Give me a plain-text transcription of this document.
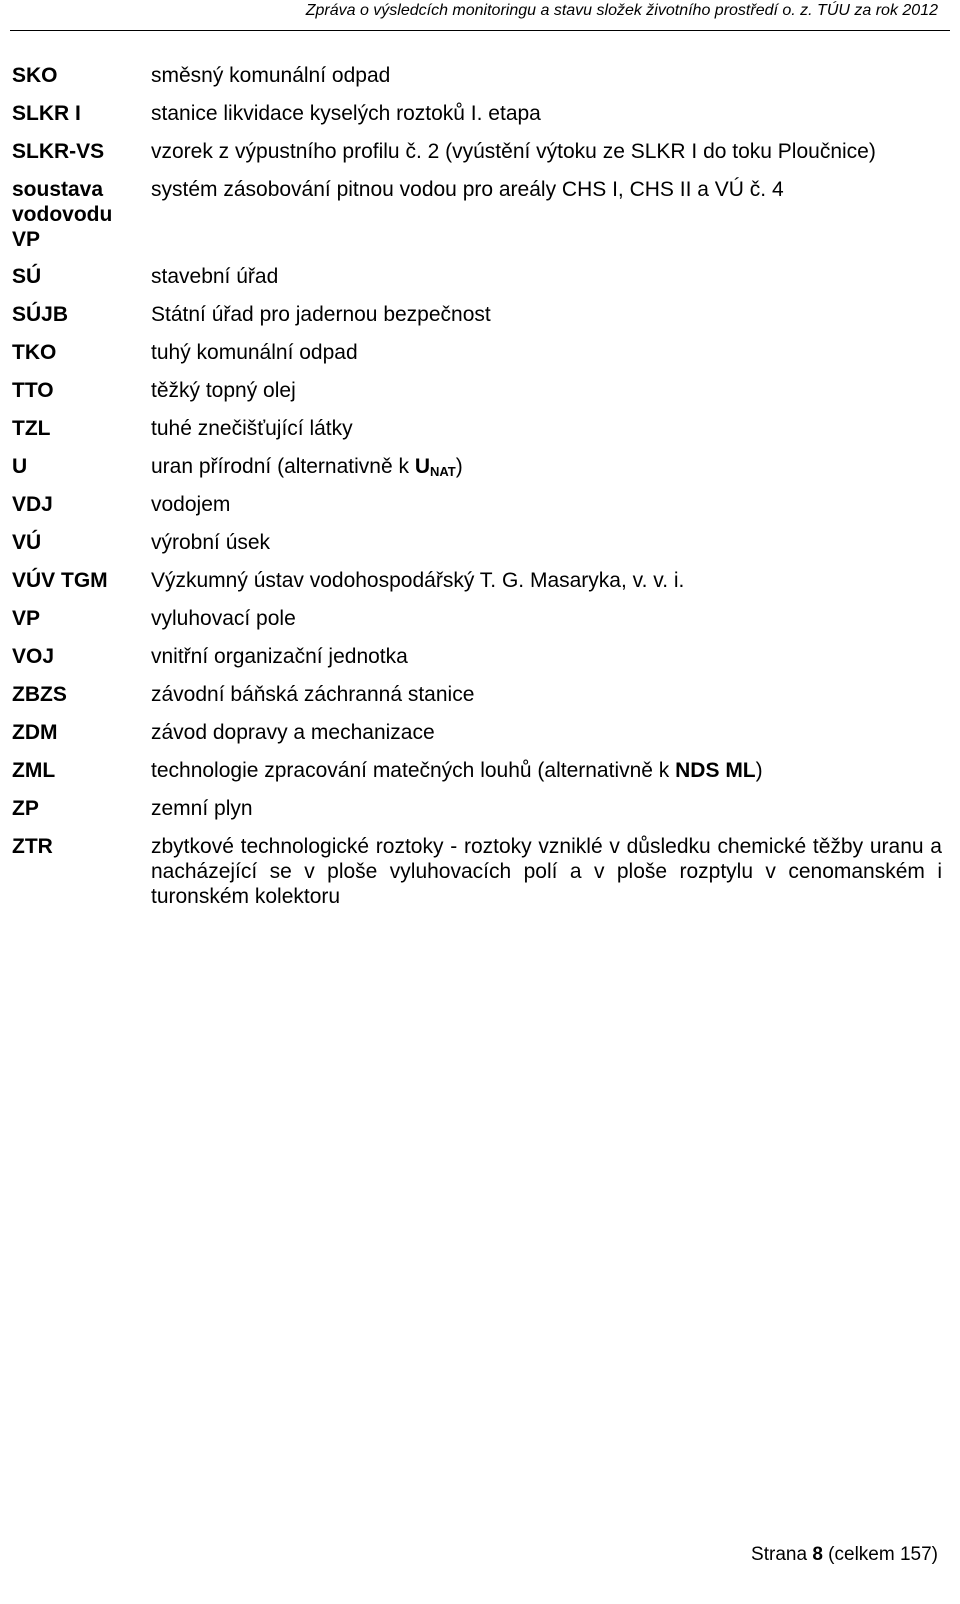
Zpráva o výsledcích monitoringu a stavu složek životního prostředí o. z. TÚU za rok 2012
SKO	směsný komunální odpad
SLKR I	stanice likvidace kyselých roztoků I. etapa
SLKR-VS	vzorek z výpustního profilu č. 2 (vyústění výtoku ze SLKR I do toku Ploučnice)
soustava vodovodu VP	systém zásobování pitnou vodou pro areály CHS I, CHS II a VÚ č. 4
SÚ	stavební úřad
SÚJB	Státní úřad pro jadernou bezpečnost
TKO	tuhý komunální odpad
TTO	těžký topný olej
TZL	tuhé znečišťující látky
U	uran přírodní (alternativně k $U_{NAT}$)
VDJ	vodojem
VÚ	výrobní úsek
VÚV TGM	Výzkumný ústav vodohospodářský T. G. Masaryka, v. v. i.
VP	vyluhovací pole
VOJ	vnitřní organizační jednotka
ZBZS	závodní báňská záchranná stanice
ZDM	závod dopravy a mechanizace
ZML	technologie zpracování matečných louhů (alternativně k NDS ML)
ZP	zemní plyn
ZTR	zbytkové technologické roztoky - roztoky vzniklé v důsledku chemické těžby uranu a nacházející se v ploše vyluhovacích polí a v ploše rozptylu v cenomanském i turonském kolektoru
Strana 8 (celkem 157)
